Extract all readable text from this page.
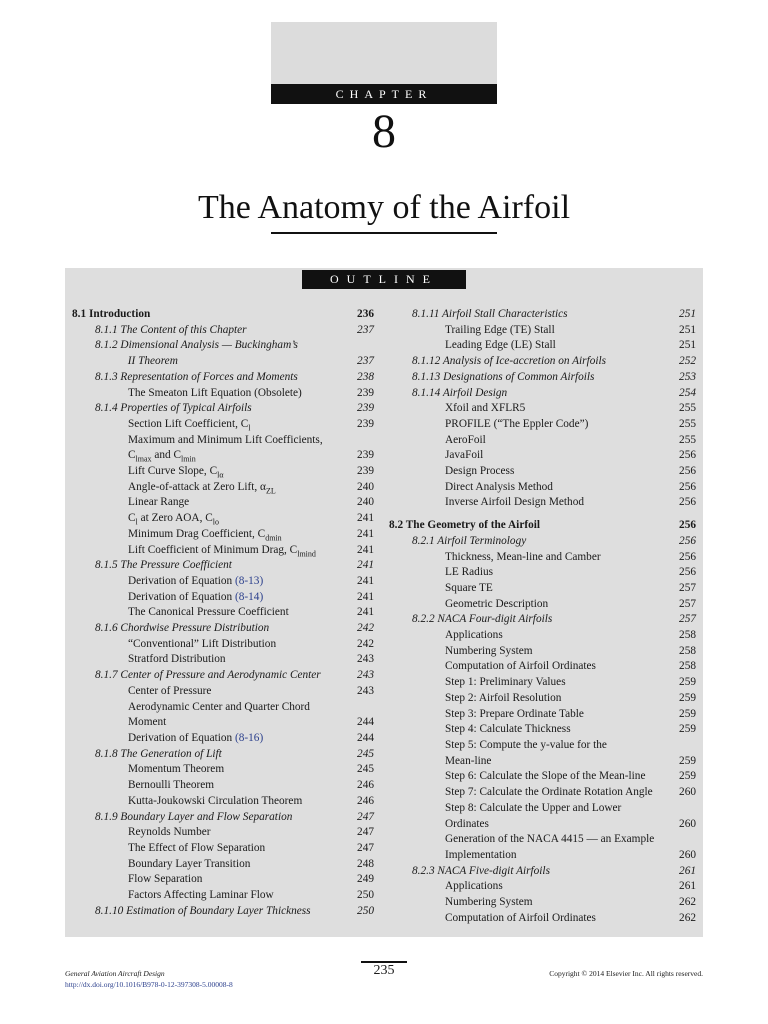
CHAPTER
8
The Anatomy of the Airfoil
OUTLINE
8.1 Introduction	236
8.1.1 The Content of this Chapter	237
8.1.2 Dimensional Analysis — Buckingham’s
     II Theorem	237
8.1.3 Representation of Forces and Moments	238
The Smeaton Lift Equation (Obsolete)	239
8.1.4 Properties of Typical Airfoils	239
Section Lift Coefficient, $C_l$	239
Maximum and Minimum Lift Coefficients,
$C_{lmax}$ and $C_{lmin}$	239
Lift Curve Slope, $C_{l\alpha}$	239
Angle-of-attack at Zero Lift, $\alpha_{ZL}$	240
Linear Range	240
$C_l$ at Zero AOA, $C_{lo}$	241
Minimum Drag Coefficient, $C_{dmin}$	241
Lift Coefficient of Minimum Drag, $C_{lmind}$	241
8.1.5 The Pressure Coefficient	241
Derivation of Equation (8-13)	241
Derivation of Equation (8-14)	241
The Canonical Pressure Coefficient	241
8.1.6 Chordwise Pressure Distribution	242
“Conventional” Lift Distribution	242
Stratford Distribution	243
8.1.7 Center of Pressure and Aerodynamic Center	243
Center of Pressure	243
Aerodynamic Center and Quarter Chord
Moment	244
Derivation of Equation (8-16)	244
8.1.8 The Generation of Lift	245
Momentum Theorem	245
Bernoulli Theorem	246
Kutta-Joukowski Circulation Theorem	246
8.1.9 Boundary Layer and Flow Separation	247
Reynolds Number	247
The Effect of Flow Separation	247
Boundary Layer Transition	248
Flow Separation	249
Factors Affecting Laminar Flow	250
8.1.10 Estimation of Boundary Layer Thickness	250
8.1.11 Airfoil Stall Characteristics	251
Trailing Edge (TE) Stall	251
Leading Edge (LE) Stall	251
8.1.12 Analysis of Ice-accretion on Airfoils	252
8.1.13 Designations of Common Airfoils	253
8.1.14 Airfoil Design	254
Xfoil and XFLR5	255
PROFILE (“The Eppler Code”)	255
AeroFoil	255
JavaFoil	256
Design Process	256
Direct Analysis Method	256
Inverse Airfoil Design Method	256
8.2 The Geometry of the Airfoil	256
8.2.1 Airfoil Terminology	256
Thickness, Mean-line and Camber	256
LE Radius	256
Square TE	257
Geometric Description	257
8.2.2 NACA Four-digit Airfoils	257
Applications	258
Numbering System	258
Computation of Airfoil Ordinates	258
Step 1: Preliminary Values	259
Step 2: Airfoil Resolution	259
Step 3: Prepare Ordinate Table	259
Step 4: Calculate Thickness	259
Step 5: Compute the y-value for the
Mean-line	259
Step 6: Calculate the Slope of the Mean-line	259
Step 7: Calculate the Ordinate Rotation Angle	260
Step 8: Calculate the Upper and Lower
Ordinates	260
Generation of the NACA 4415 — an Example
Implementation	260
8.2.3 NACA Five-digit Airfoils	261
Applications	261
Numbering System	262
Computation of Airfoil Ordinates	262
235
General Aviation Aircraft Design
http://dx.doi.org/10.1016/B978-0-12-397308-5.00008-8
Copyright © 2014 Elsevier Inc. All rights reserved.
